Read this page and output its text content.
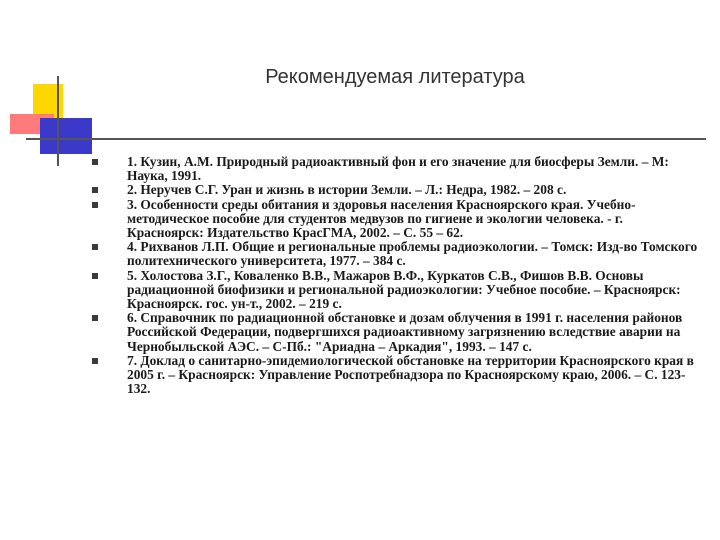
Рекомендуемая литература
1. Кузин, А.М. Природный радиоактивный фон и его значение для биосферы Земли. – М: Наука, 1991.
2. Неручев С.Г. Уран и жизнь в истории Земли. – Л.: Недра, 1982. – 208 с.
3. Особенности среды обитания и здоровья населения Красноярского края. Учебно-методическое пособие для студентов медвузов по гигиене и экологии человека. - г. Красноярск: Издательство КрасГМА, 2002. – С. 55 – 62.
4. Рихванов Л.П. Общие и региональные проблемы радиоэкологии. – Томск: Изд-во Томского политехнического университета, 1977. – 384 с.
5. Холостова З.Г., Коваленко В.В., Мажаров В.Ф., Куркатов С.В., Фишов В.В. Основы радиационной биофизики и региональной радиоэкологии: Учебное пособие. – Красноярск: Красноярск. гос. ун-т., 2002. – 219 с.
6. Справочник по радиационной обстановке и дозам облучения в 1991 г. населения районов Российской Федерации, подвергшихся радиоактивному загрязнению вследствие аварии на Чернобыльской АЭС. – С-Пб.: "Ариадна – Аркадия", 1993. – 147 с.
7. Доклад о санитарно-эпидемиологической обстановке на территории Красноярского края в 2005 г. – Красноярск: Управление Роспотребнадзора по Красноярскому краю, 2006. – С. 123-132.
